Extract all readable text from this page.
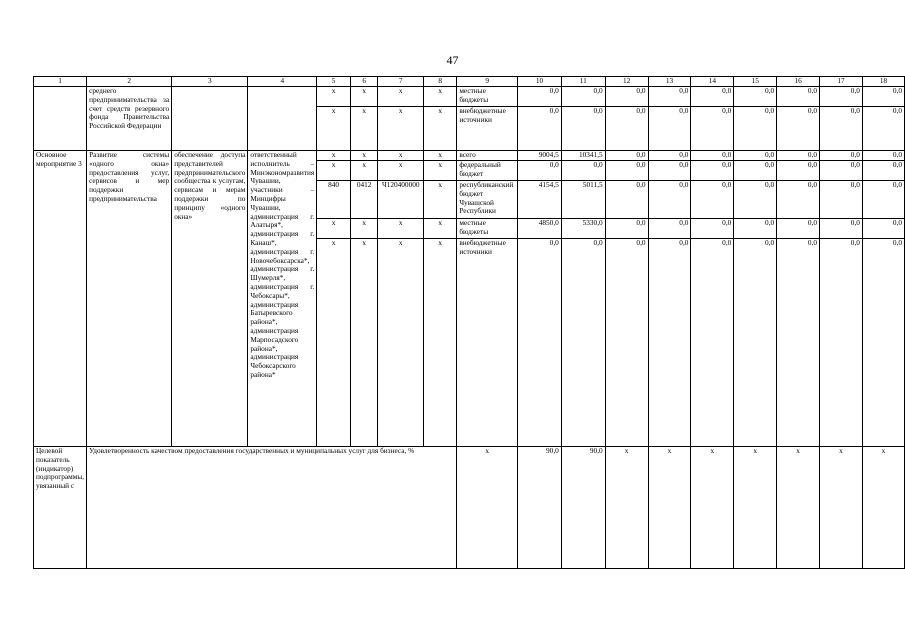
47
1	2	3	4	5	6	7	8	9	10	11	12	13	14	15	16	17	18
	среднего предпринимательства за счет средств резервного фонда Правительства Российской Федерации			x	x	x	x	местные бюджеты	0,0	0,0	0,0	0,0	0,0	0,0	0,0	0,0	0,0
				x	x	x	x	внебюджетные источники	0,0	0,0	0,0	0,0	0,0	0,0	0,0	0,0	0,0
Основное мероприятие 3	Развитие системы «одного окна» предоставления услуг, сервисов и мер поддержки предпринимательства	обеспечение доступа представителей предпринимательского сообщества к услугам, сервисам и мерам поддержки по принципу «одного окна»	ответственный исполнитель – Минэкономразвития Чувашии, участники – Минцифры Чувашии, администрация г. Алатыря*, администрация г. Канаш*, администрация г. Новочебоксарска*, администрация г. Шумерля*, администрация г. Чебоксары*, администрация Батыревского района*, администрация Марпосадского района*, администрация Чебоксарского района*	x	x	x	x	всего	9004,5	10341,5	0,0	0,0	0,0	0,0	0,0	0,0	0,0
				x	x	x	x	федеральный бюджет	0,0	0,0	0,0	0,0	0,0	0,0	0,0	0,0	0,0
				840	0412	Ч120400000	x	республиканский бюджет Чувашской Республики	4154,5	5011,5	0,0	0,0	0,0	0,0	0,0	0,0	0,0
				x	x	x	x	местные бюджеты	4850,0	5330,0	0,0	0,0	0,0	0,0	0,0	0,0	0,0
				x	x	x	x	внебюджетные источники	0,0	0,0	0,0	0,0	0,0	0,0	0,0	0,0	0,0

Целевой показатель (индикатор) подпрограммы, увязанный с	Удовлетворенность качеством предоставления государственных и муниципальных услуг для бизнеса, %							x	90,0	90,0	x	x	x	x	x	x	x
